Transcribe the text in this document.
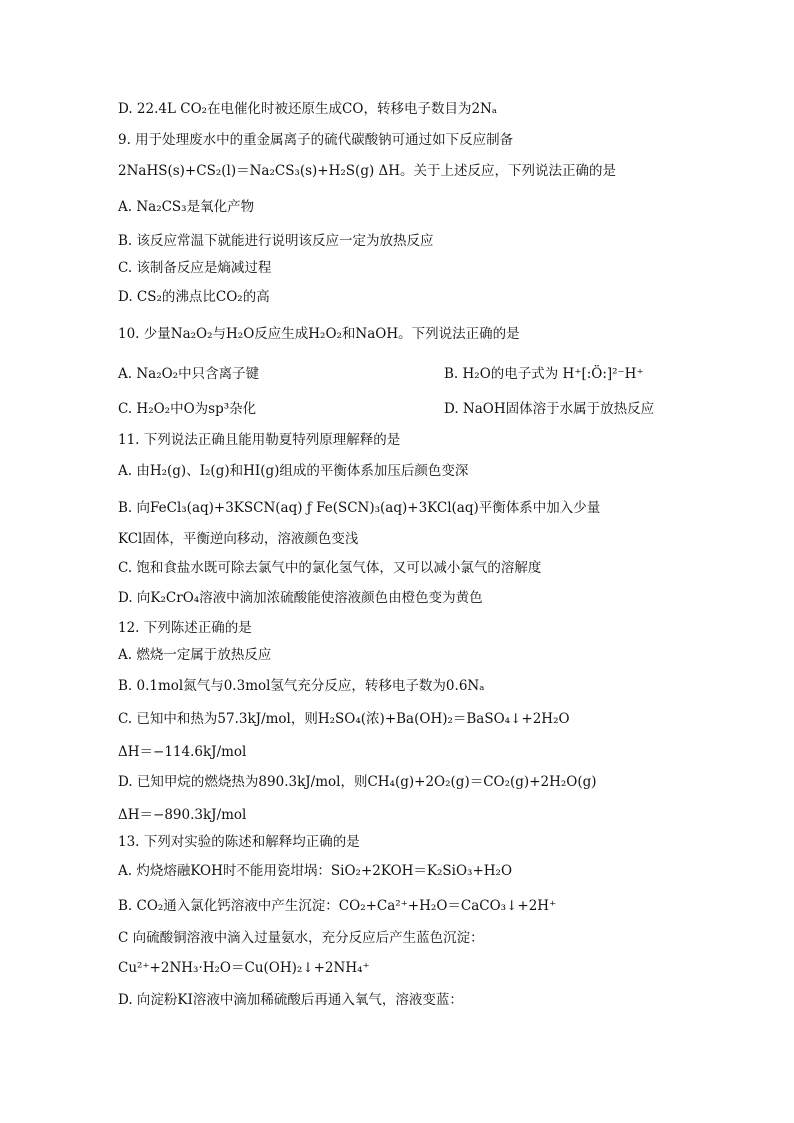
D. 22.4L CO₂在电催化时被还原生成CO，转移电子数目为2Nₐ
9. 用于处理废水中的重金属离子的硫代碳酸钠可通过如下反应制备
2NaHS(s)+CS₂(l)＝Na₂CS₃(s)+H₂S(g) ΔH。关于上述反应，下列说法正确的是
A. Na₂CS₃是氧化产物
B. 该反应常温下就能进行说明该反应一定为放热反应
C. 该制备反应是熵减过程
D. CS₂的沸点比CO₂的高
10. 少量Na₂O₂与H₂O反应生成H₂O₂和NaOH。下列说法正确的是
A. Na₂O₂中只含离子键	B. H₂O的电子式为 H⁺[:Ö:]²⁻H⁺
C. H₂O₂中O为sp³杂化	D. NaOH固体溶于水属于放热反应
11. 下列说法正确且能用勒夏特列原理解释的是
A. 由H₂(g)、I₂(g)和HI(g)组成的平衡体系加压后颜色变深
B. 向FeCl₃(aq)+3KSCN(aq) ƒ Fe(SCN)₃(aq)+3KCl(aq)平衡体系中加入少量
KCl固体，平衡逆向移动，溶液颜色变浅
C. 饱和食盐水既可除去氯气中的氯化氢气体，又可以减小氯气的溶解度
D. 向K₂CrO₄溶液中滴加浓硫酸能使溶液颜色由橙色变为黄色
12. 下列陈述正确的是
A. 燃烧一定属于放热反应
B. 0.1mol氮气与0.3mol氢气充分反应，转移电子数为0.6Nₐ
C. 已知中和热为57.3kJ/mol，则H₂SO₄(浓)+Ba(OH)₂＝BaSO₄↓+2H₂O
ΔH＝−114.6kJ/mol
D. 已知甲烷的燃烧热为890.3kJ/mol，则CH₄(g)+2O₂(g)＝CO₂(g)+2H₂O(g)
ΔH＝−890.3kJ/mol
13. 下列对实验的陈述和解释均正确的是
A. 灼烧熔融KOH时不能用瓷坩埚：SiO₂+2KOH＝K₂SiO₃+H₂O
B. CO₂通入氯化钙溶液中产生沉淀：CO₂+Ca²⁺+H₂O＝CaCO₃↓+2H⁺
C 向硫酸铜溶液中滴入过量氨水，充分反应后产生蓝色沉淀：
Cu²⁺+2NH₃·H₂O＝Cu(OH)₂↓+2NH₄⁺
D. 向淀粉KI溶液中滴加稀硫酸后再通入氧气，溶液变蓝：
